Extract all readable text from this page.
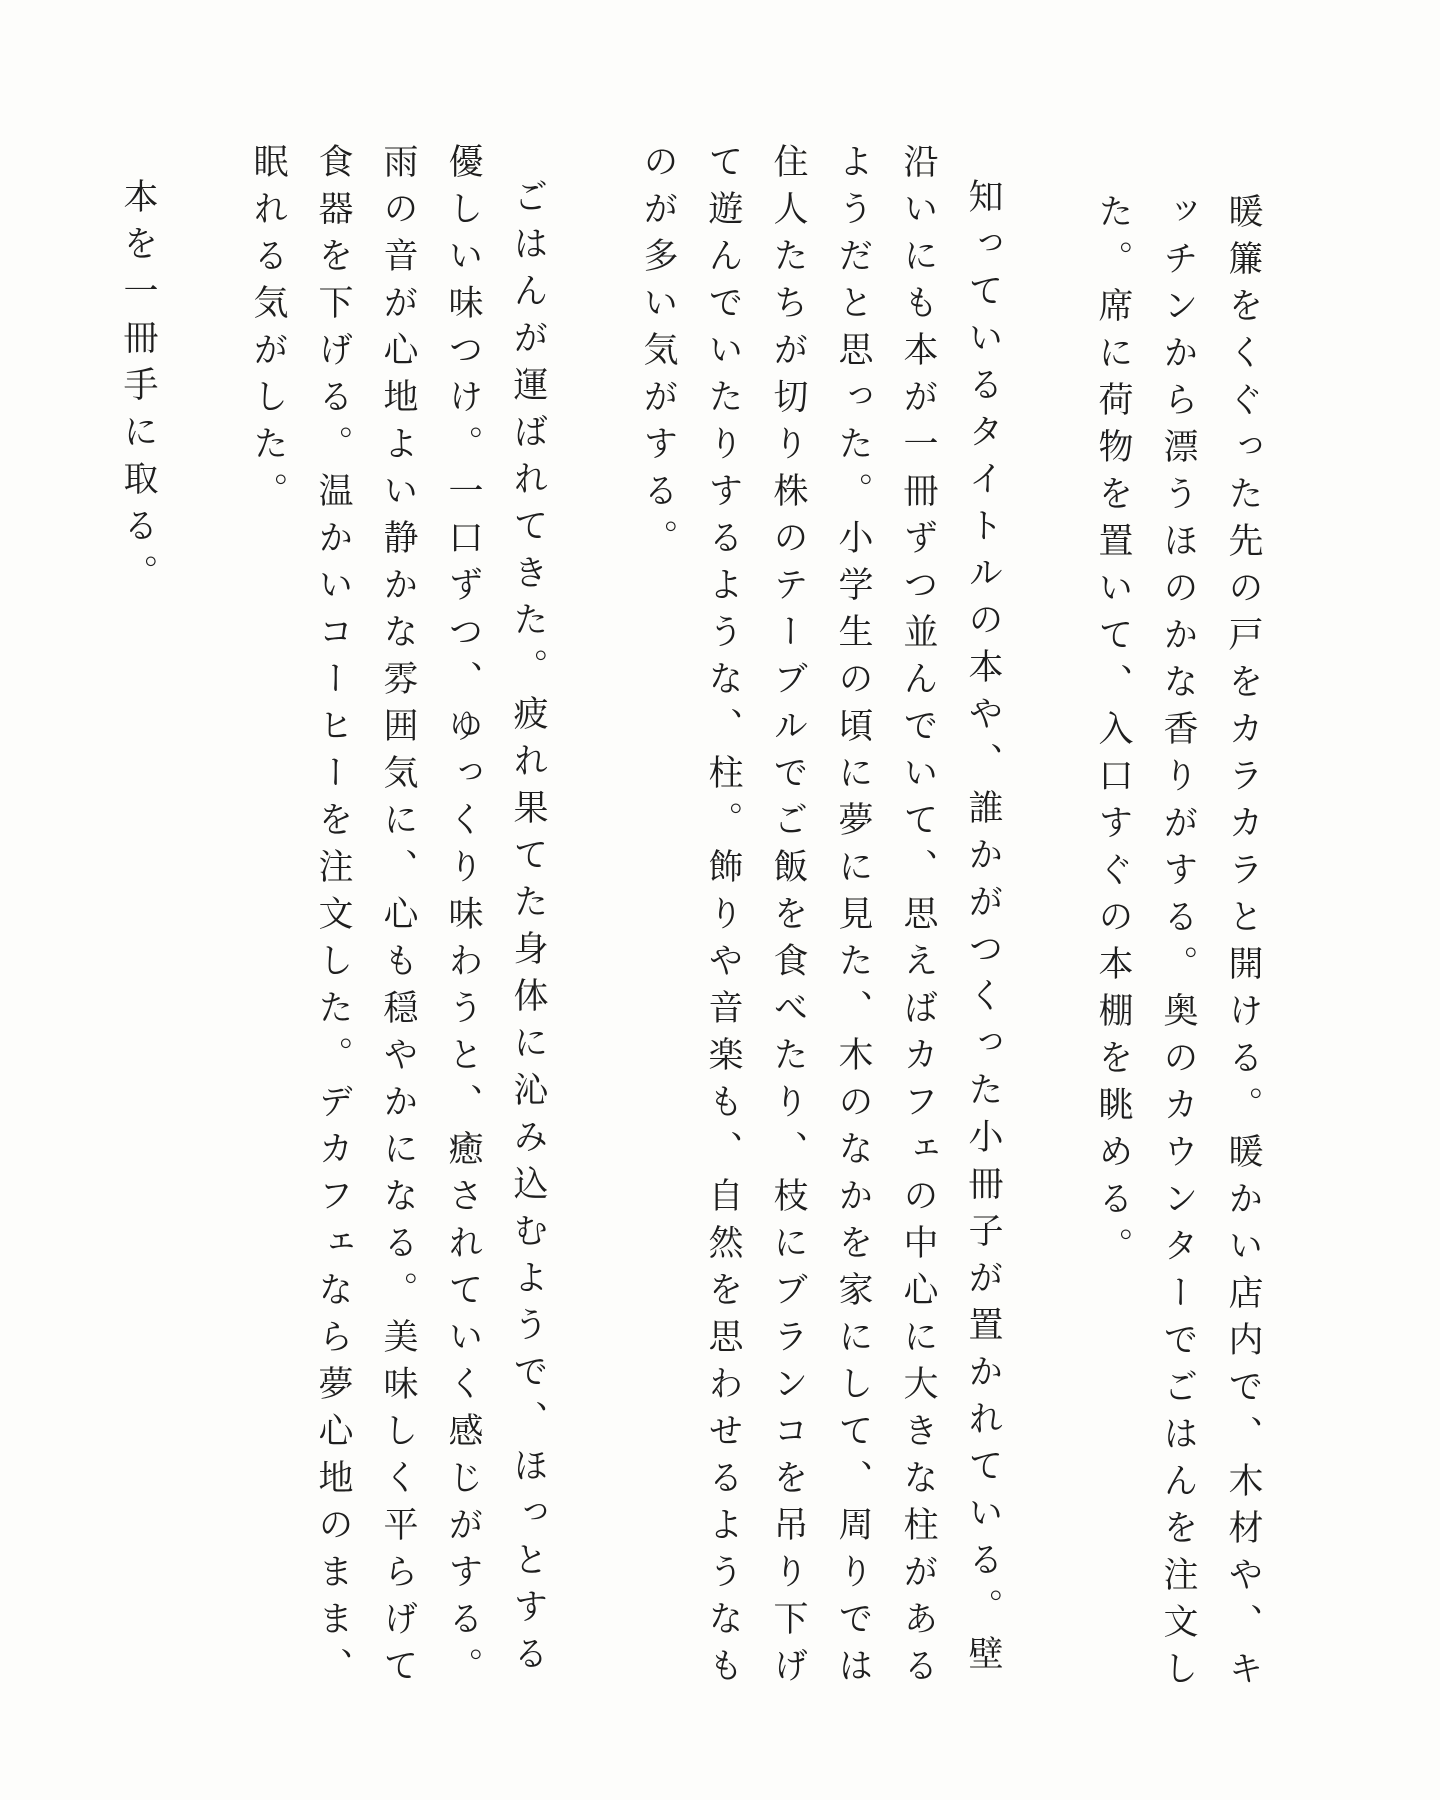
暖簾をくぐった先の戸をカラカラと開ける。暖かい店内で、木材や、キッチンから漂うほのかな香りがする。奥のカウンターでごはんを注文した。席に荷物を置いて、入口すぐの本棚を眺める。

知っているタイトルの本や、誰かがつくった小冊子が置かれている。壁沿いにも本が一冊ずつ並んでいて、思えばカフェの中心に大きな柱があるようだと思った。小学生の頃に夢に見た、木のなかを家にして、周りでは住人たちが切り株のテーブルでご飯を食べたり、枝にブランコを吊り下げて遊んでいたりするような、柱。飾りや音楽も、自然を思わせるようなものが多い気がする。

ごはんが運ばれてきた。疲れ果てた身体に沁み込むようで、ほっとする優しい味つけ。一口ずつ、ゆっくり味わうと、癒されていく感じがする。雨の音が心地よい静かな雰囲気に、心も穏やかになる。美味しく平らげて食器を下げる。温かいコーヒーを注文した。デカフェなら夢心地のまま、眠れる気がした。

本を一冊手に取る。
